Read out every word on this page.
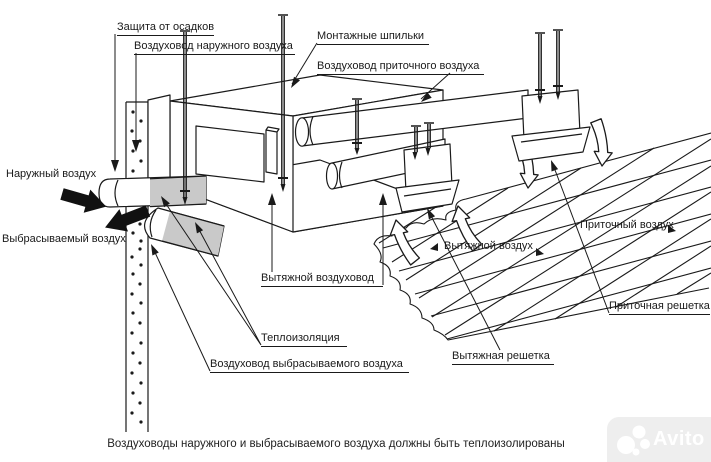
Защита от осадков
Воздуховод наружного воздуха
Монтажные шпильки
Воздуховод приточного воздуха
Наружный воздух
Выбрасываемый воздух
Вытяжной воздуховод
Теплоизоляция
Воздуховод выбрасываемого воздуха
Вытяжной воздух
Приточный воздух
Приточная решетка
Вытяжная решетка
Воздуховоды наружного и выбрасываемого воздуха должны быть теплоизолированы	Avito
